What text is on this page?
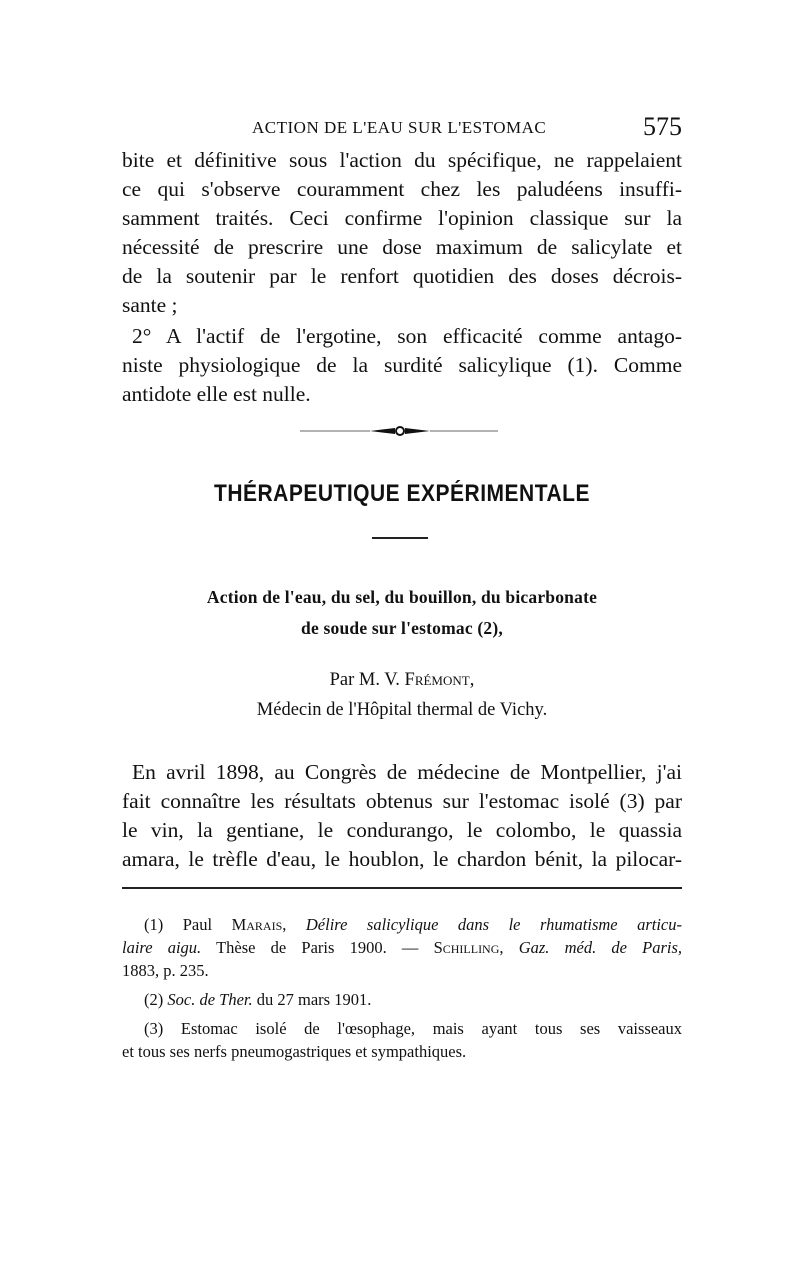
ACTION DE L'EAU SUR L'ESTOMAC	575
bite et définitive sous l'action du spécifique, ne rappelaient
ce qui s'observe couramment chez les paludéens insuffi-
samment traités. Ceci confirme l'opinion classique sur la
nécessité de prescrire une dose maximum de salicylate et
de la soutenir par le renfort quotidien des doses décrois-
sante ;
2° A l'actif de l'ergotine, son efficacité comme antago-
niste physiologique de la surdité salicylique (1). Comme
antidote elle est nulle.
THÉRAPEUTIQUE EXPÉRIMENTALE
Action de l'eau, du sel, du bouillon, du bicarbonate
de soude sur l'estomac (2),
Par M. V. Frémont,
Médecin de l'Hôpital thermal de Vichy.
En avril 1898, au Congrès de médecine de Montpellier, j'ai
fait connaître les résultats obtenus sur l'estomac isolé (3) par
le vin, la gentiane, le condurango, le colombo, le quassia
amara, le trèfle d'eau, le houblon, le chardon bénit, la pilocar-
(1) Paul Marais, Délire salicylique dans le rhumatisme articu-
laire aigu. Thèse de Paris 1900. — Schilling, Gaz. méd. de Paris,
1883, p. 235.
(2) Soc. de Ther. du 27 mars 1901.
(3) Estomac isolé de l'œsophage, mais ayant tous ses vaisseaux
et tous ses nerfs pneumogastriques et sympathiques.
